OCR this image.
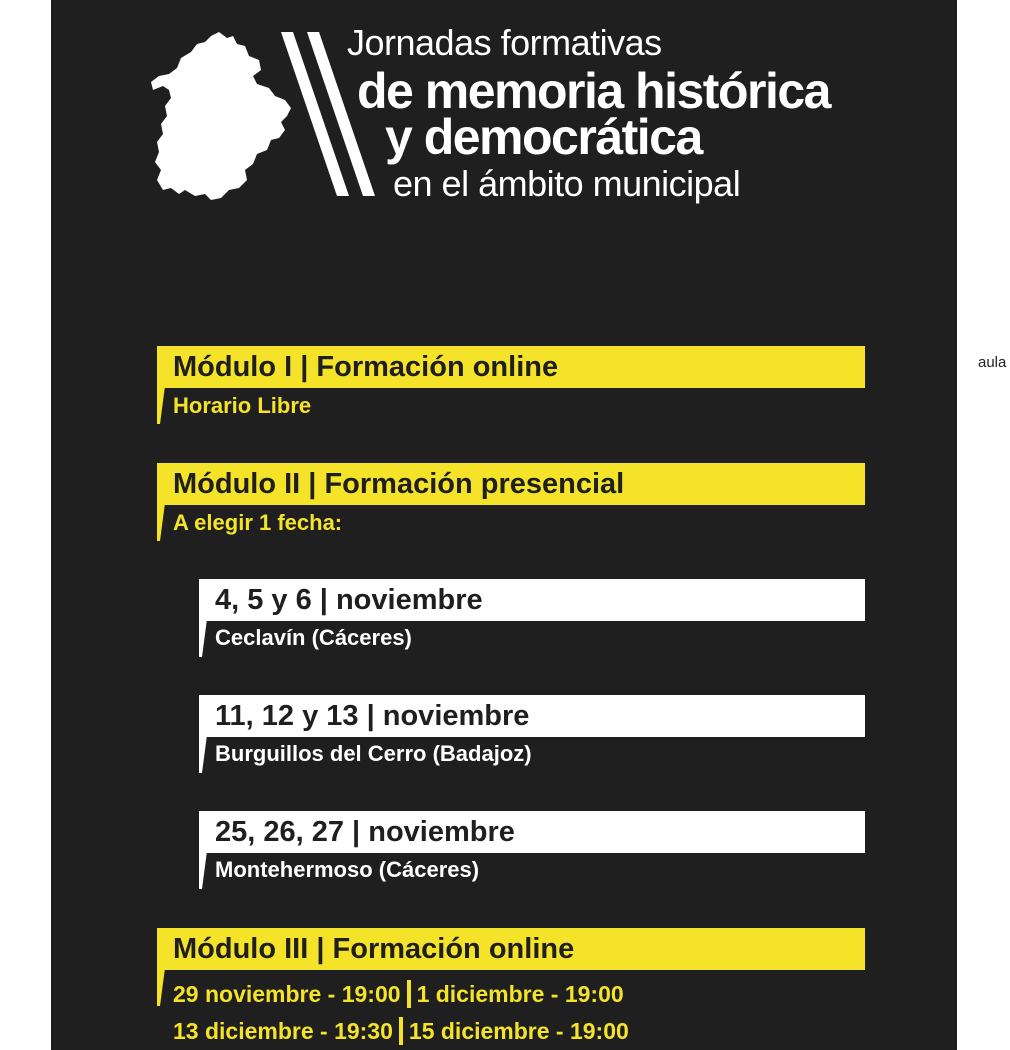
aula
Jornadas formativas
de memoria histórica
y democrática
en el ámbito municipal
Módulo I | Formación online
Horario Libre
Módulo II | Formación presencial
A elegir 1 fecha:
4, 5 y 6 | noviembre
Ceclavín (Cáceres)
11, 12 y 13 | noviembre
Burguillos del Cerro (Badajoz)
25, 26, 27 | noviembre
Montehermoso (Cáceres)
Módulo III | Formación online
29 noviembre - 19:00 1 diciembre - 19:00
13 diciembre - 19:30 15 diciembre - 19:00
